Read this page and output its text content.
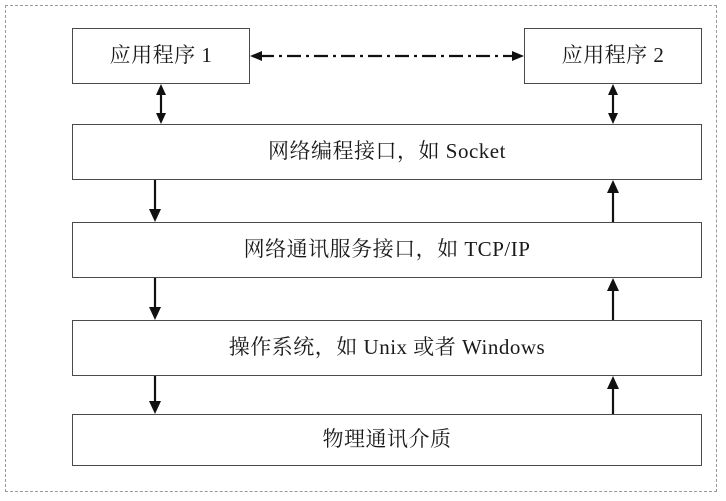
应用程序 1	应用程序 2
网络编程接口，如 Socket
网络通讯服务接口，如 TCP/IP
操作系统，如 Unix 或者 Windows
物理通讯介质
